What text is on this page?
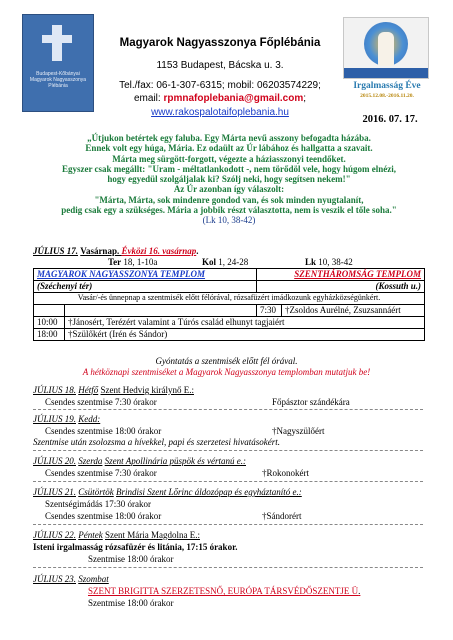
Budapest-Kőbányai Magyarok Nagyasszonya Plébánia
Magyarok Nagyasszonya Főplébánia
1153 Budapest, Bácska u. 3.
Tel./fax: 06-1-307-6315; mobil: 06203574229;
email: rpmnafoplebania@gmail.com;
www.rakospalotaifoplebania.hu
Irgalmasság Éve
2015.12.08.-2016.11.20.
2016. 07. 17.
„Útjukon betértek egy faluba. Egy Márta nevű asszony befogadta házába.
Ennek volt egy húga, Mária. Ez odaült az Úr lábához és hallgatta a szavait.
Márta meg sürgött-forgott, végezte a háziasszonyi teendőket.
Egyszer csak megállt: "Uram - méltatlankodott -, nem törődöl vele, hogy húgom elnézi,
hogy egyedül szolgáljalak ki? Szólj neki, hogy segítsen nekem!"
Az Úr azonban így válaszolt:
"Márta, Márta, sok mindenre gondod van, és sok minden nyugtalanít,
pedig csak egy a szükséges. Mária a jobbik részt választotta, nem is veszik el tőle soha."
(Lk 10, 38-42)
JÚLIUS 17. Vasárnap. Évközi 16. vasárnap.
Ter 18, 1-10a	Kol 1, 24-28	Lk 10, 38-42
MAGYAROK NAGYASSZONYA TEMPLOM		SZENTHÁROMSÁG TEMPLOM	
(Széchenyi tér)		(Kossuth u.)	
Vasár/-és ünnepnap a szentmisék előtt félórával, rózsafüzért imádkozunk egyházközségünkért.			
		7:30	†Zsoldos Aurélné, Zsuzsannáért
10:00	†Jánosért, Terézért valamint a Túrós család elhunyt tagjaiért		
18:00	†Szülőkért (Irén és Sándor)		
Gyóntatás a szentmisék előtt fél órával.
A hétköznapi szentmiséket a Magyarok Nagyasszonya templomban mutatjuk be!
JÚLIUS 18. Hétfő Szent Hedvig királynő E.:
Csendes szentmise 7:30 órakor	Főpásztor szándékára
JÚLIUS 19. Kedd:
Csendes szentmise 18:00 órakor	†Nagyszülőért
Szentmise után zsolozsma a hívekkel, papi és szerzetesi hivatásokért.
JÚLIUS 20. Szerda Szent Apollinária püspök és vértanú e.:
Csendes szentmise 7:30 órakor	†Rokonokért
JÚLIUS 21. Csütörtök Brindisi Szent Lőrinc áldozópap és egyháztanító e.:
Szentségimádás 17:30 órakor
Csendes szentmise 18:00 órakor	†Sándorért
JÚLIUS 22. Péntek Szent Mária Magdolna E.:
Isteni irgalmasság rózsafüzér és litánia, 17:15 órakor.
Szentmise 18:00 órakor
JÚLIUS 23. Szombat
SZENT BRIGITTA SZERZETESNŐ, EURÓPA TÁRSVÉDŐSZENTJE Ü.
Szentmise 18:00 órakor
